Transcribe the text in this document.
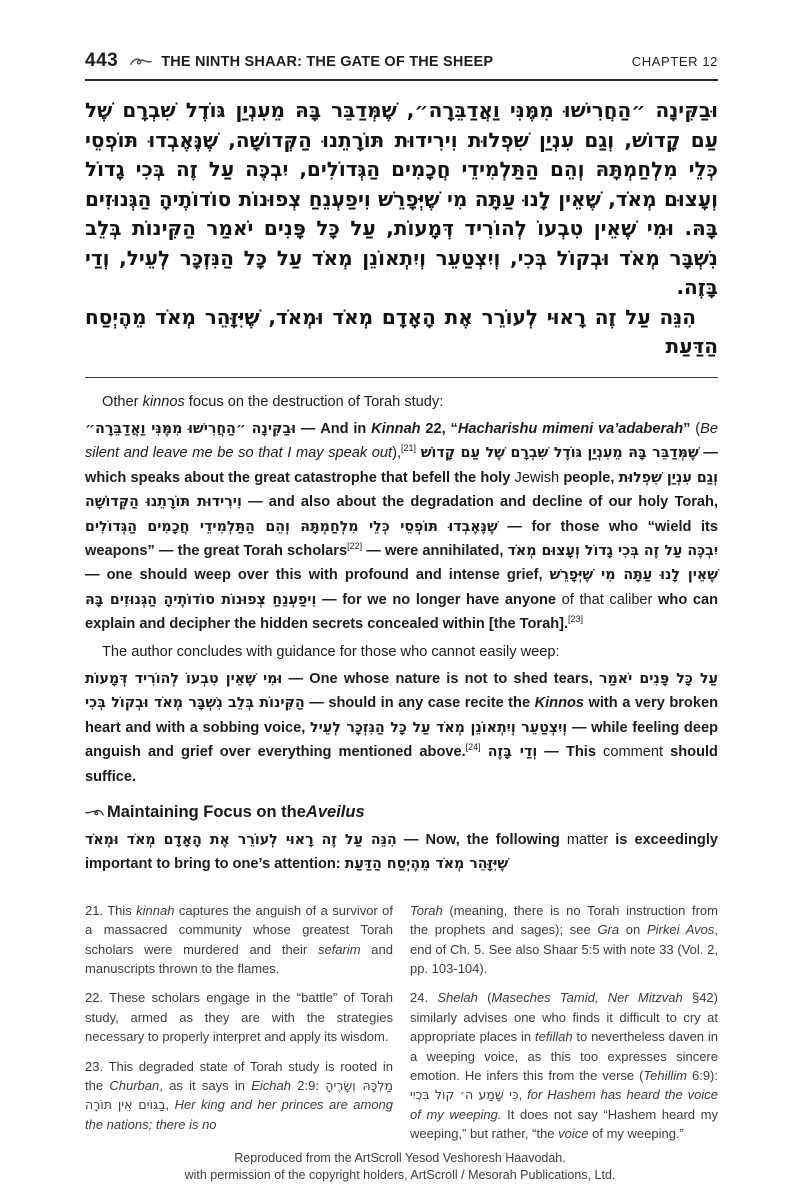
443	THE NINTH SHAAR: THE GATE OF THE SHEEP	CHAPTER 12

וּבַקִּינָה ״הַחֲרִישׁוּ מִמֶּנִּי וַאֲדַבֵּרָה״, שֶׁמְּדַבֵּר בָּהּ מֵעִנְיַן גּוֹדֶל שִׁבְרָם שֶׁל עַם קָדוֹשׁ, וְגַם עִנְיַן שִׁפְלוּת וִירִידוּת תּוֹרָתֵנוּ הַקְּדוֹשָׁה, שֶׁנֶּאֶבְדוּ תּוֹפְסֵי כְּלֵי מִלְחַמְתָּהּ וְהֵם הַתַּלְמִידֵי חֲכָמִים הַגְּדוֹלִים, יִבְכֶּה עַל זֶה בְּכִי גָדוֹל וְעָצוּם מְאֹד, שֶׁאֵין לָנוּ עַתָּה מִי שֶׁיְּפָרֵשׁ וִיפַעְנֵחַ צְפוּנוֹת סוֹדוֹתֶיהָ הַגְּנוּזִים בָּהּ. וּמִי שֶׁאֵין טִבְעוֹ לְהוֹרִיד דְּמָעוֹת, עַל כָּל פָּנִים יֹאמַר הַקִּינוֹת בְּלֵב נִשְׁבָּר מְאֹד וּבְקוֹל בְּכִי, וְיִצְטַעֵר וְיִתְאוֹנֵן מְאֹד עַל כָּל הַנִּזְכָּר לְעֵיל, וְדַי בָּזֶה.

הִנֵּה עַל זֶה רָאוּי לְעוֹרֵר אֶת הָאָדָם מְאֹד וּמְאֹד, שֶׁיִּזָּהֵר מְאֹד מֵהֶיְסַח הַדַּעַת

Other kinnos focus on the destruction of Torah study:

וּבַקִּינָה ״הַחֲרִישׁוּ מִמֶּנִּי וַאֲדַבֵּרָה״ — And in Kinnah 22, “Hacharishu mimeni va’adaberah” (Be silent and leave me be so that I may speak out),[21] שֶׁמְּדַבֵּר בָּהּ מֵעִנְיַן גּוֹדֶל שִׁבְרָם שֶׁל עַם קָדוֹשׁ — which speaks about the great catastrophe that befell the holy Jewish people, וְגַם עִנְיַן שִׁפְלוּת וִירִידוּת תּוֹרָתֵנוּ הַקְּדוֹשָׁה — and also about the degradation and decline of our holy Torah, שֶׁנֶּאֶבְדוּ תּוֹפְסֵי כְּלֵי מִלְחַמְתָּהּ וְהֵם הַתַּלְמִידֵי חֲכָמִים הַגְּדוֹלִים — for those who “wield its weapons” — the great Torah scholars[22] — were annihilated, יִבְכֶּה עַל זֶה בְּכִי גָדוֹל וְעָצוּם מְאֹד — one should weep over this with profound and intense grief, שֶׁאֵין לָנוּ עַתָּה מִי שֶׁיְּפָרֵשׁ וִיפַעְנֵחַ צְפוּנוֹת סוֹדוֹתֶיהָ הַגְּנוּזִים בָּהּ — for we no longer have anyone of that caliber who can explain and decipher the hidden secrets concealed within [the Torah].[23]

The author concludes with guidance for those who cannot easily weep:

וּמִי שֶׁאֵין טִבְעוֹ לְהוֹרִיד דְּמָעוֹת — One whose nature is not to shed tears, עַל כָּל פָּנִים יֹאמַר הַקִּינוֹת בְּלֵב נִשְׁבָּר מְאֹד וּבְקוֹל בְּכִי — should in any case recite the Kinnos with a very broken heart and with a sobbing voice, וְיִצְטַעֵר וְיִתְאוֹנֵן מְאֹד עַל כָּל הַנִּזְכָּר לְעֵיל — while feeling deep anguish and grief over everything mentioned above.[24] וְדַי בָּזֶה — This comment should suffice.

Maintaining Focus on the Aveilus

הִנֵּה עַל זֶה רָאוּי לְעוֹרֵר אֶת הָאָדָם מְאֹד וּמְאֹד — Now, the following matter is exceedingly important to bring to one’s attention: שֶׁיִּזָּהֵר מְאֹד מֵהֶיְסַח הַדַּעַת

21. This kinnah captures the anguish of a survivor of a massacred community whose greatest Torah scholars were murdered and their sefarim and manuscripts thrown to the flames.

22. These scholars engage in the “battle” of Torah study, armed as they are with the strategies necessary to properly interpret and apply its wisdom.

23. This degraded state of Torah study is rooted in the Churban, as it says in Eichah 2:9: מַלְכָּהּ וְשָׂרֶיהָ בַגּוֹיִם אֵין תּוֹרָה, Her king and her princes are among the nations; there is no

Torah (meaning, there is no Torah instruction from the prophets and sages); see Gra on Pirkei Avos, end of Ch. 5. See also Shaar 5:5 with note 33 (Vol. 2, pp. 103-104).

24. Shelah (Maseches Tamid, Ner Mitzvah §42) similarly advises one who finds it difficult to cry at appropriate places in tefillah to nevertheless daven in a weeping voice, as this too expresses sincere emotion. He infers this from the verse (Tehillim 6:9): כִּי שָׁמַע ה׳ קוֹל בִּכְיִי, for Hashem has heard the voice of my weeping. It does not say “Hashem heard my weeping,” but rather, “the voice of my weeping.”

Reproduced from the ArtScroll Yesod Veshoresh Haavodah.
with permission of the copyright holders, ArtScroll / Mesorah Publications, Ltd.
